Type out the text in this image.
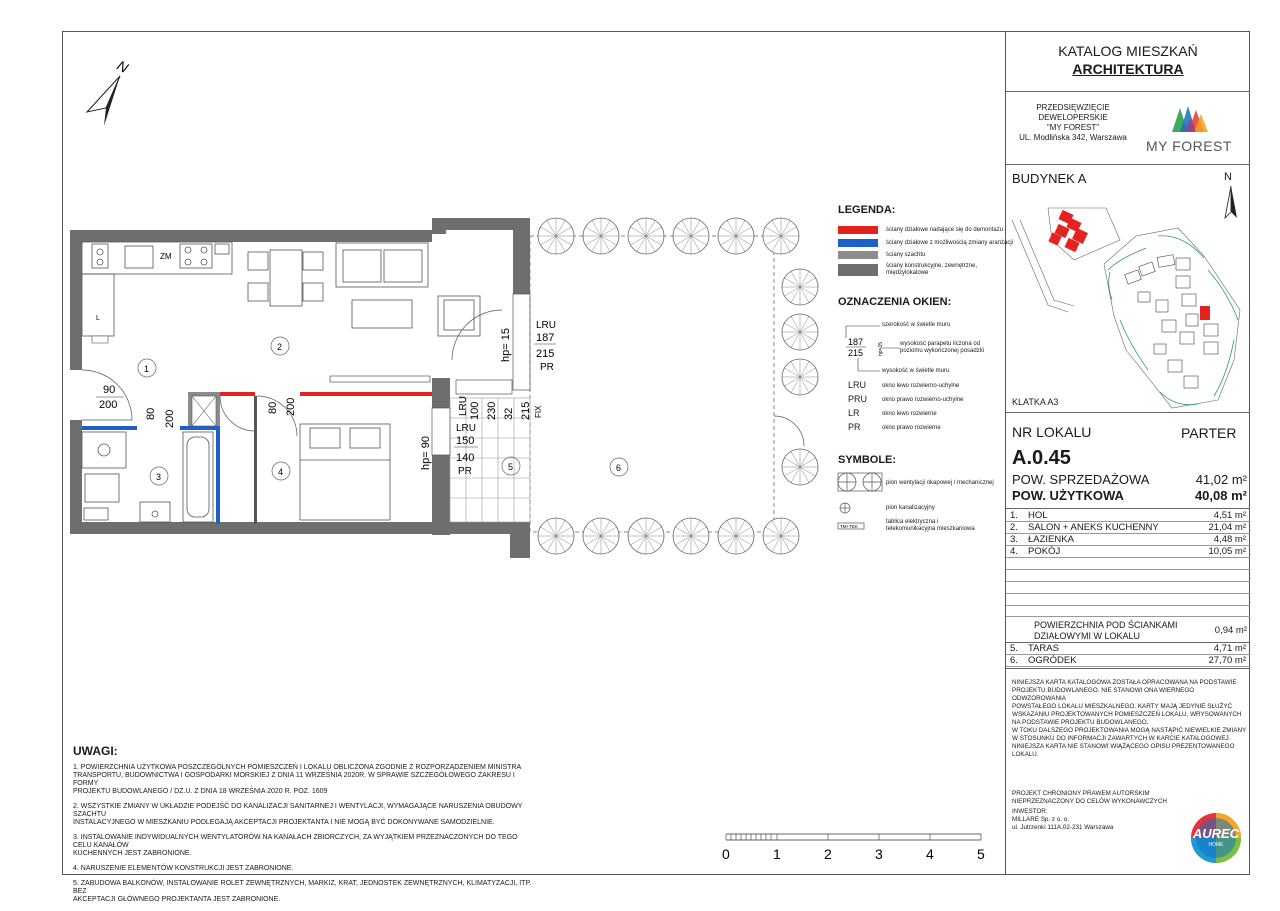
N
ZM
L
1
2
3	4	5	6
90
200
80 200
80 200
hp= 15
LRU
187
215
PR
LRU 100 230 32 215 FIX
hp= 90
LRU
150
140
PR
TM+TEK
187
215	hp=15
LEGENDA:
ściany działowe nadające się do demontażu
ściany działowe z możliwością zmiany aranżacji
ściany szachtu
ściany konstrukcyjne, zewnętrzne,
międzylokalowe
OZNACZENIA OKIEN:
szerokość w świetle muru
wysokość parapetu liczona od
poziomu wykończonej posadzki
wysokość w świetle muru
LRU	okno lewo rozwierno-uchylne
PRU okno prawo rozwierno-uchylne
LR	okno lewo rozwierne
PR	okno prawo rozwierne
SYMBOLE:
pion wentylacji okapowej / mechanicznej
pion kanalizacyjny
tablica elektryczna i
telekomunikacyjna mieszkaniowa
UWAGI:

1. POWIERZCHNIA UŻYTKOWA POSZCZEGÓLNYCH POMIESZCZEŃ I LOKALU OBLICZONA ZGODNIE Z ROZPORZĄDZENIEM MINISTRA
TRANSPORTU, BUDOWNICTWA I GOSPODARKI MORSKIEJ Z DNIA 11 WRZEŚNIA 2020R. W SPRAWIE SZCZEGÓŁOWEGO ZAKRESU I FORMY
PROJEKTU BUDOWLANEGO / DZ.U. Z DNIA 18 WRZEŚNIA 2020 R. POZ. 1609

2. WSZYSTKIE ZMIANY W UKŁADZIE PODEJŚĆ DO KANALIZACJI SANITARNEJ I WENTYLACJI, WYMAGAJĄCE NARUSZENIA OBUDOWY SZACHTU
INSTALACYJNEGO W MIESZKANIU PODLEGAJĄ AKCEPTACJI PROJEKTANTA I NIE MOGĄ BYĆ DOKONYWANE SAMODZIELNIE.

3. INSTALOWANIE INDYWIDUALNYCH WENTYLATORÓW NA KANAŁACH ZBIORCZYCH, ZA WYJĄTKIEM PRZEZNACZONYCH DO TEGO CELU KANAŁÓW
KUCHENNYCH JEST ZABRONIONE.

4. NARUSZENIE ELEMENTÓW KONSTRUKCJI JEST ZABRONIONE.

5. ZABUDOWA BALKONÓW, INSTALOWANIE ROLET ZEWNĘTRZNYCH, MARKIZ, KRAT, JEDNOSTEK ZEWNĘTRZNYCH, KLIMATYZACJI, ITP. BEZ
AKCEPTACJI GŁÓWNEGO PROJEKTANTA JEST ZABRONIONE.

0	1	2	3	4	5
KATALOG MIESZKAŃ
ARCHITEKTURA
PRZEDSIĘWZIĘCIE
DEWELOPERSKIE
"MY FOREST"
UL. Modlińska 342, Warszawa
MY FOREST
BUDYNEK A	N
KLATKA A3
NR LOKALU	PARTER
A.0.45
POW. SPRZEDAŻOWA	41,02 m²
POW. UŻYTKOWA	40,08 m²
1. HOL	4,51 m²
2. SALON + ANEKS KUCHENNY	21,04 m²
3. ŁAZIENKA	4,48 m²
4. POKÓJ	10,05 m²
POWIERZCHNIA POD ŚCIANKAMI
DZIAŁOWYMI W LOKALU	0,94 m²
5. TARAS	4,71 m²
6. OGRÓDEK	27,70 m²
NINIEJSZA KARTA KATALOGOWA ZOSTAŁA OPRACOWANA NA PODSTAWIE
PROJEKTU BUDOWLANEGO. NIE STANOWI ONA WIERNEGO ODWZOROWANIA
POWSTAŁEGO LOKALU MIESZKALNEGO. KARTY MAJĄ JEDYNIE SŁUŻYĆ
WSKAZANIU PROJEKTOWANYCH POMIESZCZEŃ LOKALU, WRYSOWANYCH
NA PODSTAWIE PROJEKTU BUDOWLANEGO.
W TOKU DALSZEGO PROJEKTOWANIA MOGĄ NASTĄPIĆ NIEWIELKIE ZMIANY
W STOSUNKU DO INFORMACJI ZAWARTYCH W KARCIE KATALOGOWEJ.
NINIEJSZA KARTA NIE STANOWI WIĄŻĄCEGO OPISU PREZENTOWANEGO
LOKALU.
PROJEKT CHRONIONY PRAWEM AUTORSKIM
NIEPRZEZNACZONY DO CELÓW WYKONAWCZYCH
INWESTOR:
MILLARE Sp. z o. o.
ul. Jutrzenki 111A,02-231 Warszawa	AUREC
HOME
